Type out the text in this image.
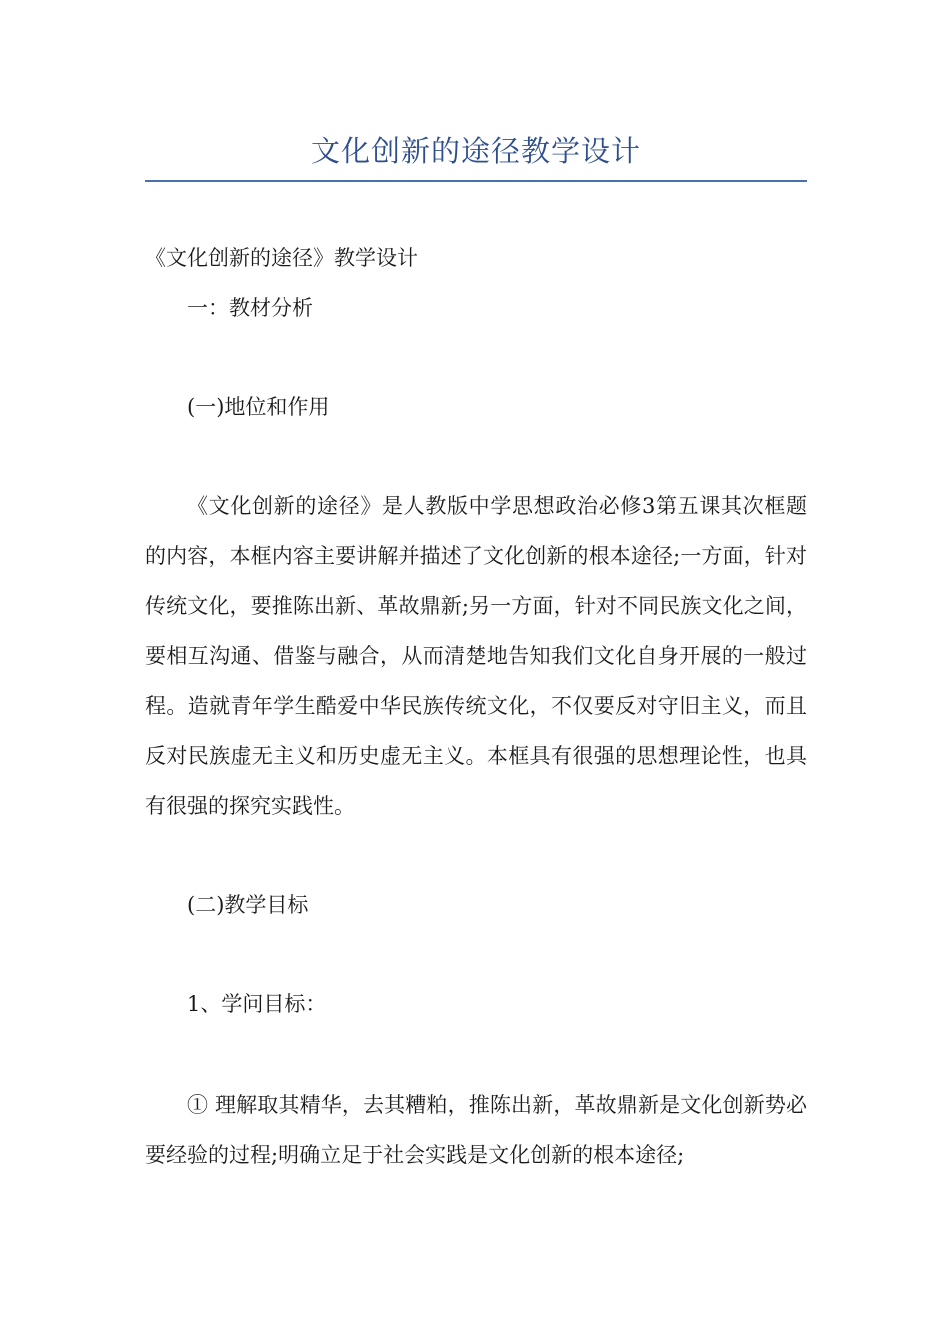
文化创新的途径教学设计

《文化创新的途径》教学设计

一：教材分析

(一)地位和作用

《文化创新的途径》是人教版中学思想政治必修3第五课其次框题的内容，本框内容主要讲解并描述了文化创新的根本途径;一方面，针对传统文化，要推陈出新、革故鼎新;另一方面，针对不同民族文化之间，要相互沟通、借鉴与融合，从而清楚地告知我们文化自身开展的一般过程。造就青年学生酷爱中华民族传统文化，不仅要反对守旧主义，而且反对民族虚无主义和历史虚无主义。本框具有很强的思想理论性，也具有很强的探究实践性。

(二)教学目标

1、学问目标：

① 理解取其精华，去其糟粕，推陈出新，革故鼎新是文化创新势必要经验的过程;明确立足于社会实践是文化创新的根本途径;
